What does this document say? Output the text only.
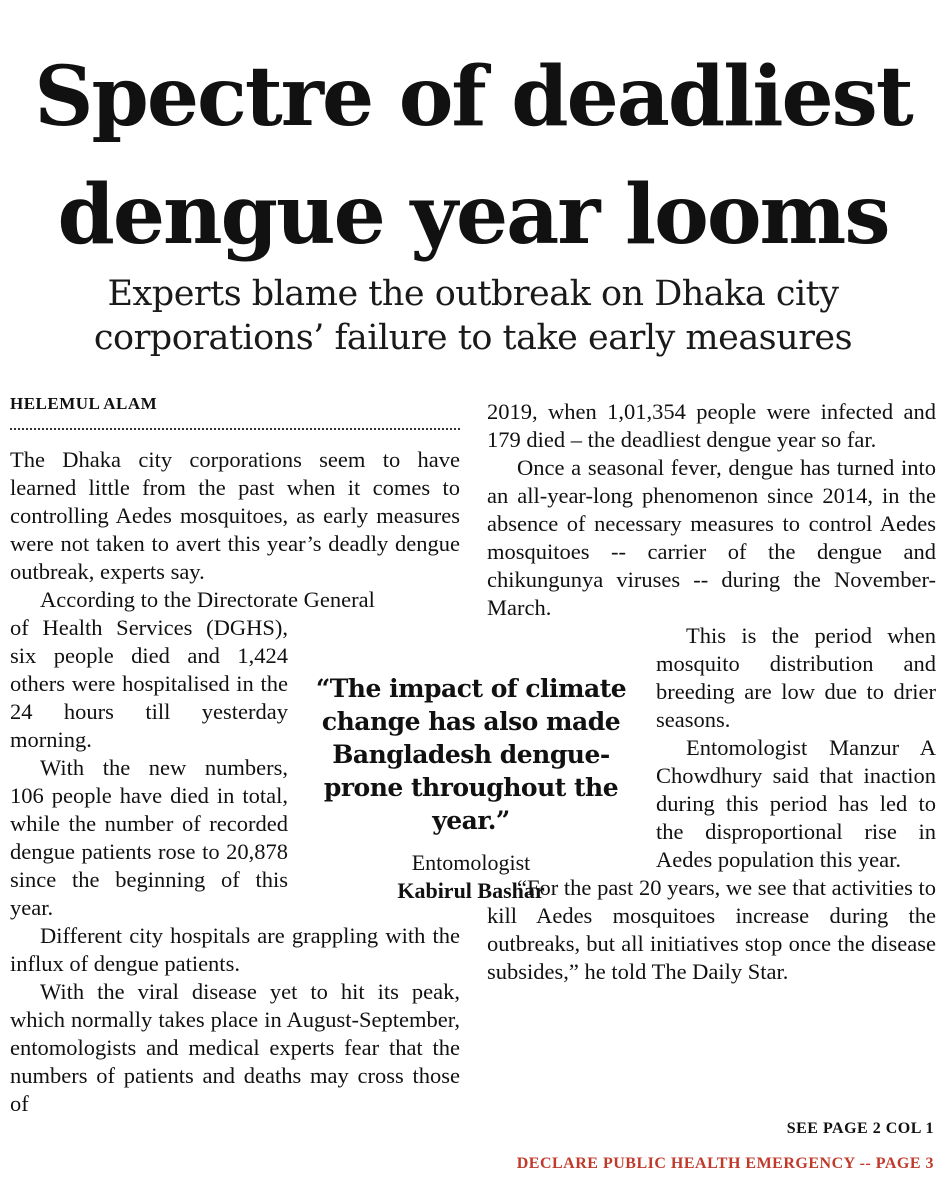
Spectre of deadliest
dengue year looms
Experts blame the outbreak on Dhaka city
corporations’ failure to take early measures
HELEMUL ALAM

The Dhaka city corporations seem to have learned little from the past when it comes to controlling Aedes mosquitoes, as early measures were not taken to avert this year’s deadly dengue outbreak, experts say.

According to the Directorate General

of Health Services (DGHS), six people died and 1,424 others were hospitalised in the 24 hours till yesterday morning.

With the new numbers, 106 people have died in total, while the number of recorded dengue patients rose to 20,878 since the beginning of this year.

Different city hospitals are grappling with the influx of dengue patients.

With the viral disease yet to hit its peak, which normally takes place in August-September, entomologists and medical experts fear that the numbers of patients and deaths may cross those of

2019, when 1,01,354 people were infected and 179 died – the deadliest dengue year so far.

Once a seasonal fever, dengue has turned into an all-year-long phenomenon since 2014, in the absence of necessary measures to control Aedes mosquitoes -- carrier of the dengue and chikungunya viruses -- during the November-March.

This is the period when mosquito distribution and breeding are low due to drier seasons.

Entomologist Manzur A Chowdhury said that inaction during this period has led to the disproportional rise in Aedes population this year.

“For the past 20 years, we see that activities to kill Aedes mosquitoes increase during the outbreaks, but all initiatives stop once the disease subsides,” he told The Daily Star.

“The impact of climate change has also made Bangladesh dengue-prone throughout the year.”

Entomologist
Kabirul Bashar
SEE PAGE 2 COL 1
DECLARE PUBLIC HEALTH EMERGENCY -- PAGE 3
